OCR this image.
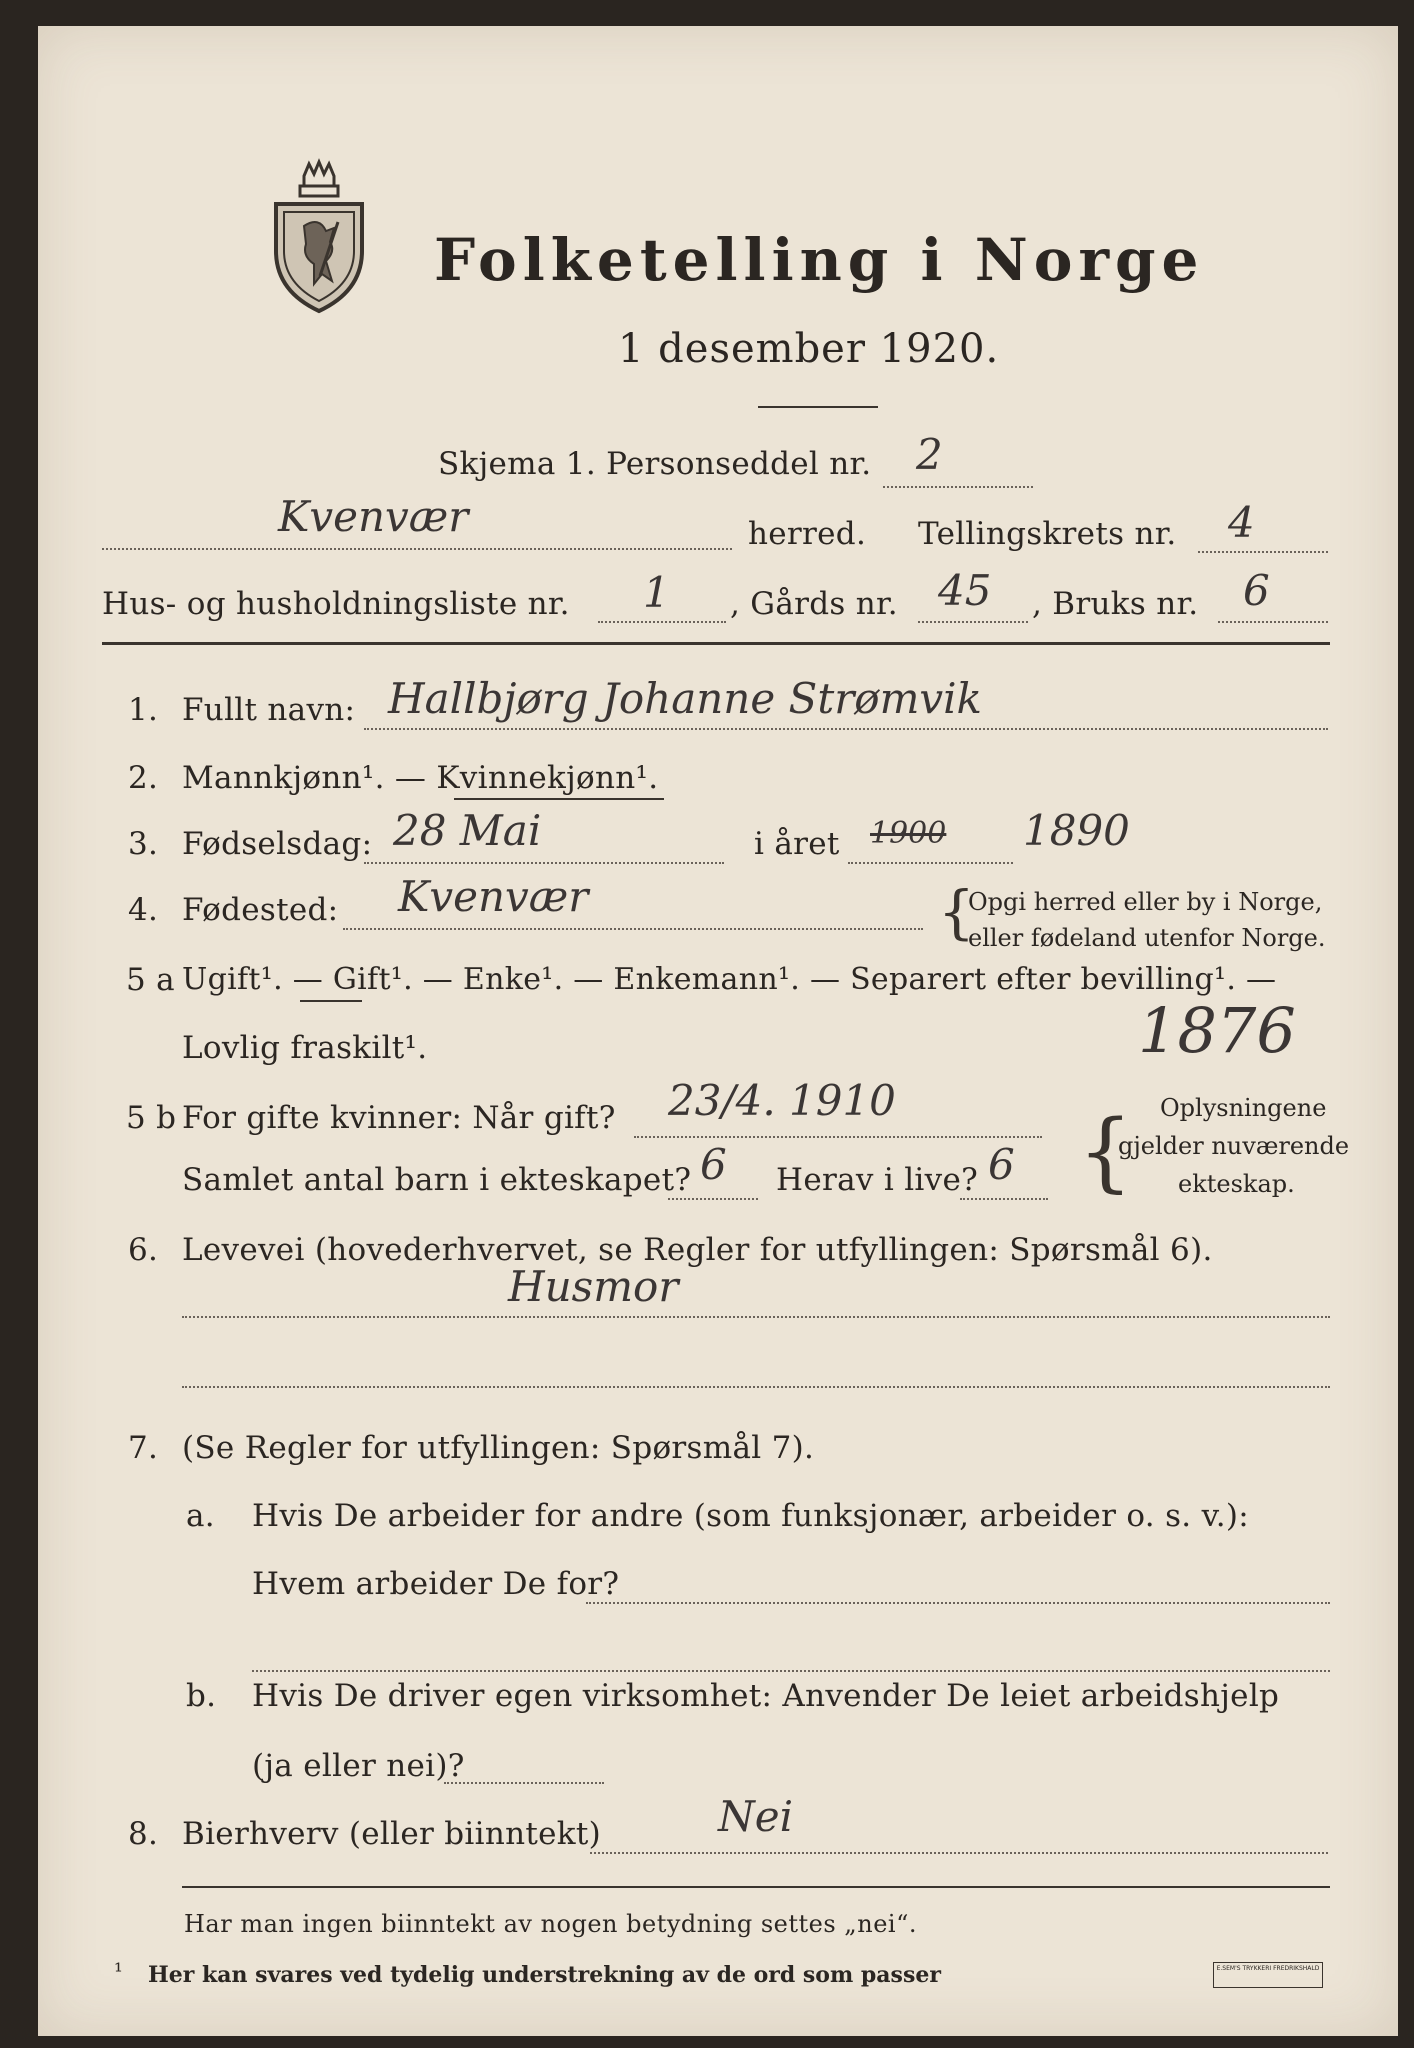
Folketelling i Norge
1 desember 1920.
Skjema 1. Personseddel nr. 2
Kvenvær	herred. Tellingskrets nr. 4
Hus- og husholdningsliste nr. 1 , Gårds nr. 45 , Bruks nr. 6
1. Fullt navn: Hallbjørg Johanne Strømvik
2. Mannkjønn¹. — Kvinnekjønn¹.
3. Fødselsdag: 28 Mai	i året 1900 1890
4. Fødested: Kvenvær	{
Opgi herred eller by i Norge,
eller fødeland utenfor Norge.
5 a Ugift¹. — Gift¹. — Enke¹. — Enkemann¹. — Separert efter bevilling¹. —
Lovlig fraskilt¹.	1876
5 b For gifte kvinner: Når gift? 23/4. 1910
Samlet antal barn i ekteskapet? 6 Herav i live? 6 { Oplysningene
gjelder nuværende
ekteskap.
6. Levevei (hovederhvervet, se Regler for utfyllingen: Spørsmål 6).
Husmor
7. (Se Regler for utfyllingen: Spørsmål 7).
a. Hvis De arbeider for andre (som funksjonær, arbeider o. s. v.):
Hvem arbeider De for?
b. Hvis De driver egen virksomhet: Anvender De leiet arbeidshjelp
(ja eller nei)?
8. Bierhverv (eller biinntekt)	Nei
Har man ingen biinntekt av nogen betydning settes „nei“.
¹ Her kan svares ved tydelig understrekning av de ord som passer	E.SEM'S TRYKKERI FREDRIKSHALD
